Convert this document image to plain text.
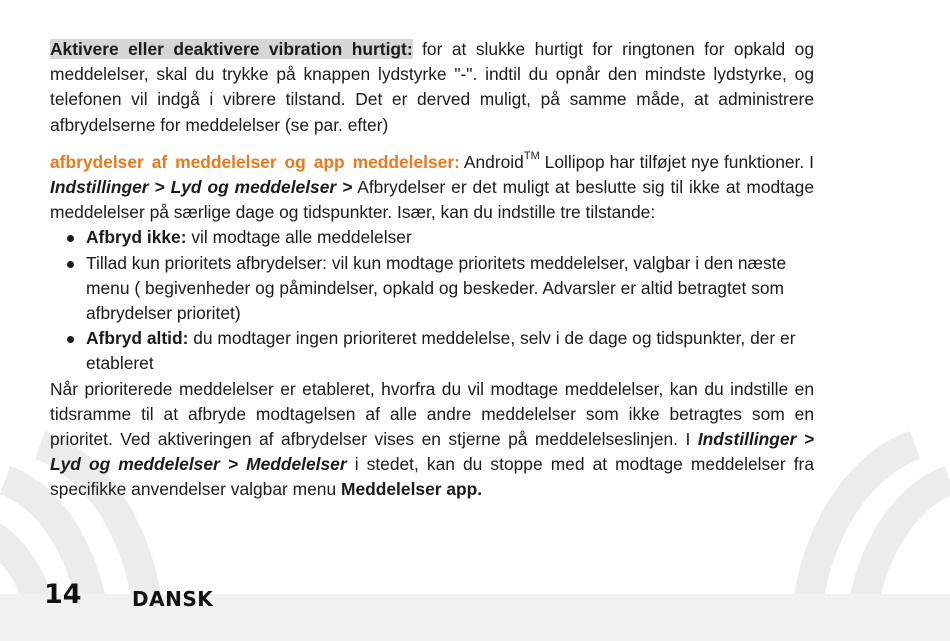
Aktivere eller deaktivere vibration hurtigt: for at slukke hurtigt for ringtonen for opkald og meddelelser, skal du trykke på knappen lydstyrke "-". indtil du opnår den mindste lydstyrke, og telefonen vil indgå i vibrere tilstand. Det er derved muligt, på samme måde, at administrere afbrydelserne for meddelelser (se par. efter)

afbrydelser af meddelelser og app meddelelser: Android™ Lollipop har tilføjet nye funktioner. I Indstillinger > Lyd og meddelelser > Afbrydelser er det muligt at beslutte sig til ikke at modtage meddelelser på særlige dage og tidspunkter. Især, kan du indstille tre tilstande:

Afbryd ikke: vil modtage alle meddelelser
Tillad kun prioritets afbrydelser: vil kun modtage prioritets meddelelser, valgbar i den næste menu ( begivenheder og påmindelser, opkald og beskeder. Advarsler er altid betragtet som afbrydelser prioritet)
Afbryd altid: du modtager ingen prioriteret meddelelse, selv i de dage og tidspunkter, der er etableret

Når prioriterede meddelelser er etableret, hvorfra du vil modtage meddelelser, kan du indstille en tidsramme til at afbryde modtagelsen af alle andre meddelelser som ikke betragtes som en prioritet. Ved aktiveringen af afbrydelser vises en stjerne på meddelelseslinjen. I Indstillinger > Lyd og meddelelser > Meddelelser i stedet, kan du stoppe med at modtage meddelelser fra specifikke anvendelser valgbar menu Meddelelser app.

14	DANSK
